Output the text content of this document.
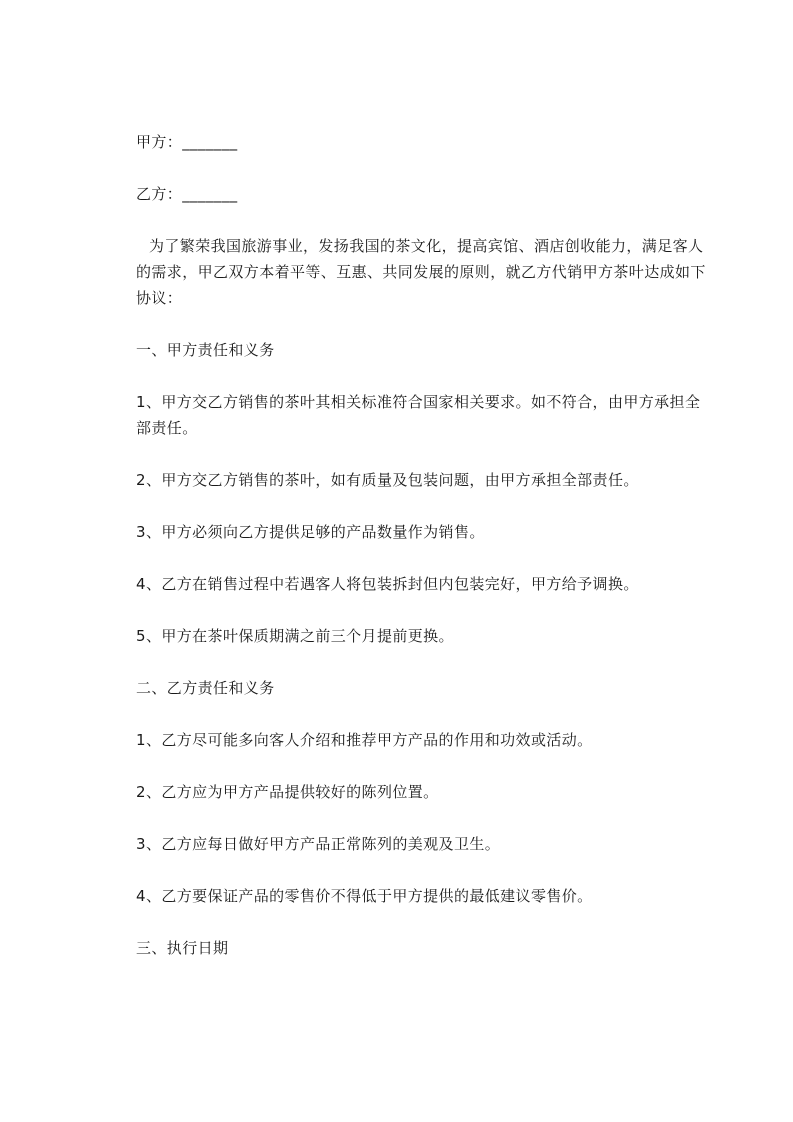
甲方：_______

乙方：_______

为了繁荣我国旅游事业，发扬我国的茶文化，提高宾馆、酒店创收能力，满足客人的需求，甲乙双方本着平等、互惠、共同发展的原则，就乙方代销甲方茶叶达成如下协议：

一、甲方责任和义务

1、甲方交乙方销售的茶叶其相关标准符合国家相关要求。如不符合，由甲方承担全部责任。

2、甲方交乙方销售的茶叶，如有质量及包装问题，由甲方承担全部责任。

3、甲方必须向乙方提供足够的产品数量作为销售。

4、乙方在销售过程中若遇客人将包装拆封但内包装完好，甲方给予调换。

5、甲方在茶叶保质期满之前三个月提前更换。

二、乙方责任和义务

1、乙方尽可能多向客人介绍和推荐甲方产品的作用和功效或活动。

2、乙方应为甲方产品提供较好的陈列位置。

3、乙方应每日做好甲方产品正常陈列的美观及卫生。

4、乙方要保证产品的零售价不得低于甲方提供的最低建议零售价。

三、执行日期
